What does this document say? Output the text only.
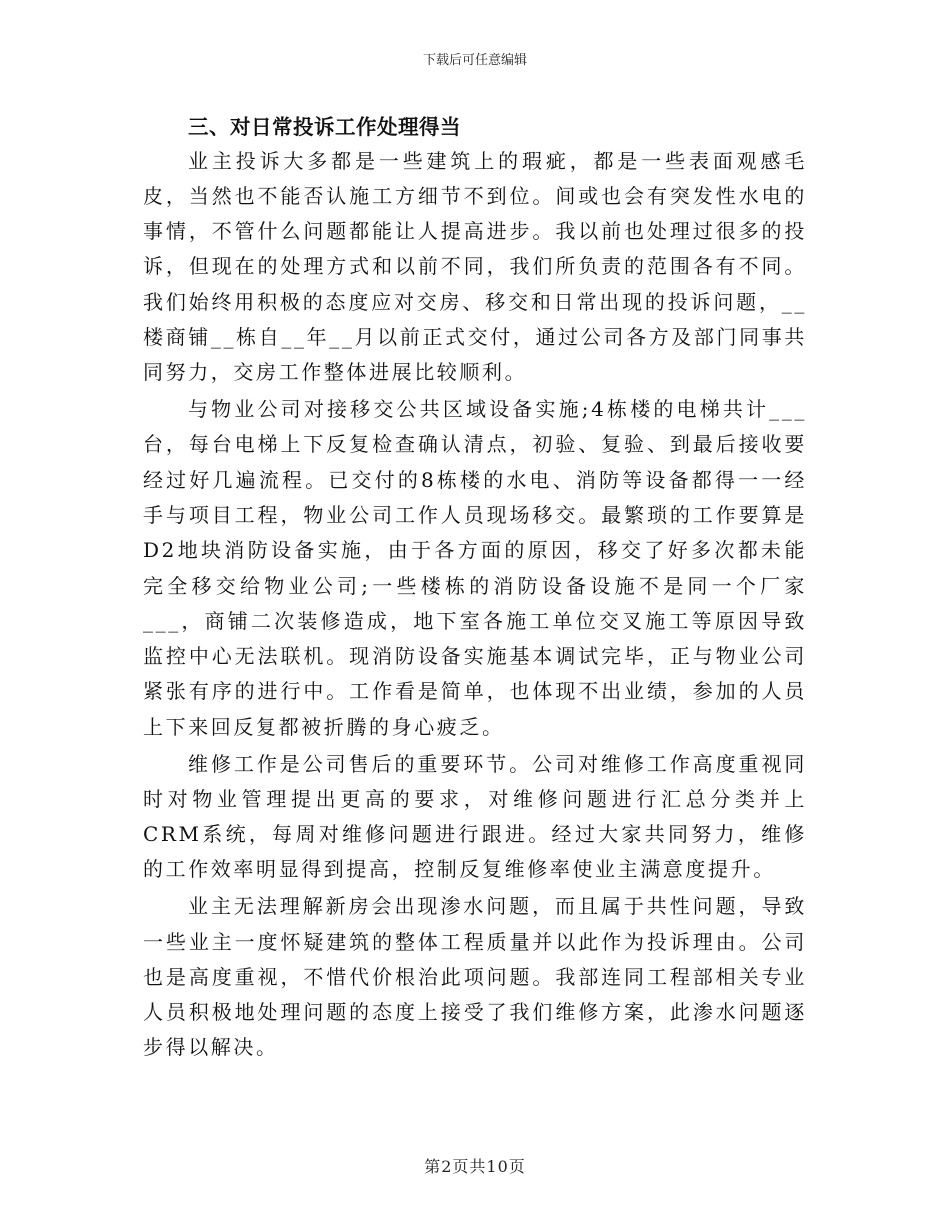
下载后可任意编辑
三、对日常投诉工作处理得当

业主投诉大多都是一些建筑上的瑕疵，都是一些表面观感毛皮，当然也不能否认施工方细节不到位。间或也会有突发性水电的事情，不管什么问题都能让人提高进步。我以前也处理过很多的投诉，但现在的处理方式和以前不同，我们所负责的范围各有不同。我们始终用积极的态度应对交房、移交和日常出现的投诉问题，__楼商铺__栋自__年__月以前正式交付，通过公司各方及部门同事共同努力，交房工作整体进展比较顺利。

与物业公司对接移交公共区域设备实施;4栋楼的电梯共计___台，每台电梯上下反复检查确认清点，初验、复验、到最后接收要经过好几遍流程。已交付的8栋楼的水电、消防等设备都得一一经手与项目工程，物业公司工作人员现场移交。最繁琐的工作要算是D2地块消防设备实施，由于各方面的原因，移交了好多次都未能完全移交给物业公司;一些楼栋的消防设备设施不是同一个厂家___，商铺二次装修造成，地下室各施工单位交叉施工等原因导致监控中心无法联机。现消防设备实施基本调试完毕，正与物业公司紧张有序的进行中。工作看是简单，也体现不出业绩，参加的人员上下来回反复都被折腾的身心疲乏。

维修工作是公司售后的重要环节。公司对维修工作高度重视同时对物业管理提出更高的要求，对维修问题进行汇总分类并上CRM系统，每周对维修问题进行跟进。经过大家共同努力，维修的工作效率明显得到提高，控制反复维修率使业主满意度提升。

业主无法理解新房会出现渗水问题，而且属于共性问题，导致一些业主一度怀疑建筑的整体工程质量并以此作为投诉理由。公司也是高度重视，不惜代价根治此项问题。我部连同工程部相关专业人员积极地处理问题的态度上接受了我们维修方案，此渗水问题逐步得以解决。

第2页共10页
